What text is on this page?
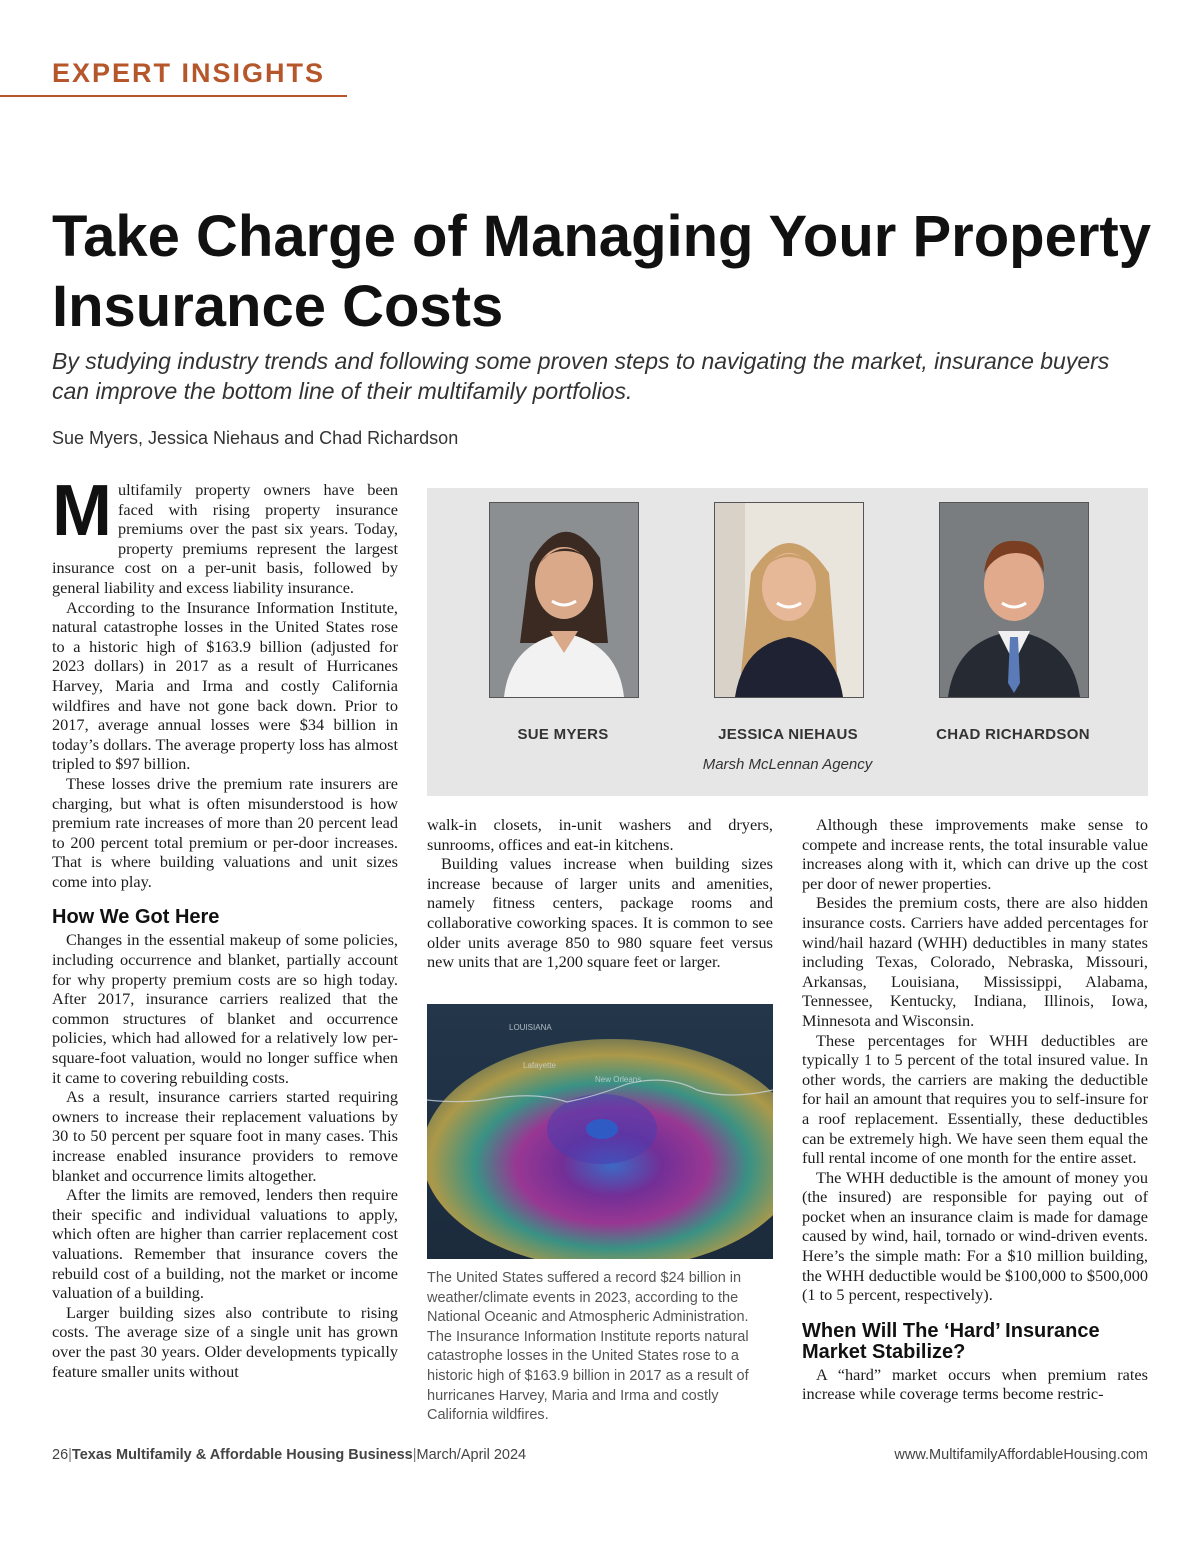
EXPERT INSIGHTS
Take Charge of Managing Your Property Insurance Costs

By studying industry trends and following some proven steps to navigating the market, insurance buyers can improve the bottom line of their multifamily portfolios.

Sue Myers, Jessica Niehaus and Chad Richardson

Multifamily property owners have been faced with rising property insurance premiums over the past six years. Today, property premiums represent the largest insurance cost on a per-unit basis, followed by general liability and excess liability insurance.

According to the Insurance Information Institute, natural catastrophe losses in the United States rose to a historic high of $163.9 billion (adjusted for 2023 dollars) in 2017 as a result of Hurricanes Harvey, Maria and Irma and costly California wildfires and have not gone back down. Prior to 2017, average annual losses were $34 billion in today’s dollars. The average property loss has almost tripled to $97 billion.

These losses drive the premium rate insurers are charging, but what is often misunderstood is how premium rate increases of more than 20 percent lead to 200 percent total premium or per-door increases. That is where building valuations and unit sizes come into play.

How We Got Here

Changes in the essential makeup of some policies, including occurrence and blanket, partially account for why property premium costs are so high today. After 2017, insurance carriers realized that the common structures of blanket and occurrence policies, which had allowed for a relatively low per-square-foot valuation, would no longer suffice when it came to covering rebuilding costs.

As a result, insurance carriers started requiring owners to increase their replacement valuations by 30 to 50 percent per square foot in many cases. This increase enabled insurance providers to remove blanket and occurrence limits altogether.

After the limits are removed, lenders then require their specific and individual valuations to apply, which often are higher than carrier replacement cost valuations. Remember that insurance covers the rebuild cost of a building, not the market or income valuation of a building.

Larger building sizes also contribute to rising costs. The average size of a single unit has grown over the past 30 years. Older developments typically feature smaller units without

SUE MYERS	JESSICA NIEHAUS	CHAD RICHARDSON
Marsh McLennan Agency

walk-in closets, in-unit washers and dryers, sunrooms, offices and eat-in kitchens.

Building values increase when building sizes increase because of larger units and amenities, namely fitness centers, package rooms and collaborative coworking spaces. It is common to see older units average 850 to 980 square feet versus new units that are 1,200 square feet or larger.

LOUISIANA
Lafayette
New Orleans

The United States suffered a record $24 billion in weather/climate events in 2023, according to the National Oceanic and Atmospheric Administration. The Insurance Information Institute reports natural catastrophe losses in the United States rose to a historic high of $163.9 billion in 2017 as a result of hurricanes Harvey, Maria and Irma and costly California wildfires.

Although these improvements make sense to compete and increase rents, the total insurable value increases along with it, which can drive up the cost per door of newer properties.

Besides the premium costs, there are also hidden insurance costs. Carriers have added percentages for wind/hail hazard (WHH) deductibles in many states including Texas, Colorado, Nebraska, Missouri, Arkansas, Louisiana, Mississippi, Alabama, Tennessee, Kentucky, Indiana, Illinois, Iowa, Minnesota and Wisconsin.

These percentages for WHH deductibles are typically 1 to 5 percent of the total insured value. In other words, the carriers are making the deductible for hail an amount that requires you to self-insure for a roof replacement. Essentially, these deductibles can be extremely high. We have seen them equal the full rental income of one month for the entire asset.

The WHH deductible is the amount of money you (the insured) are responsible for paying out of pocket when an insurance claim is made for damage caused by wind, hail, tornado or wind-driven events. Here’s the simple math: For a $10 million building, the WHH deductible would be $100,000 to $500,000 (1 to 5 percent, respectively).

When Will The ‘Hard’ Insurance Market Stabilize?

A “hard” market occurs when premium rates increase while coverage terms become restric-

26|Texas Multifamily & Affordable Housing Business|March/April 2024	www.MultifamilyAffordableHousing.com
